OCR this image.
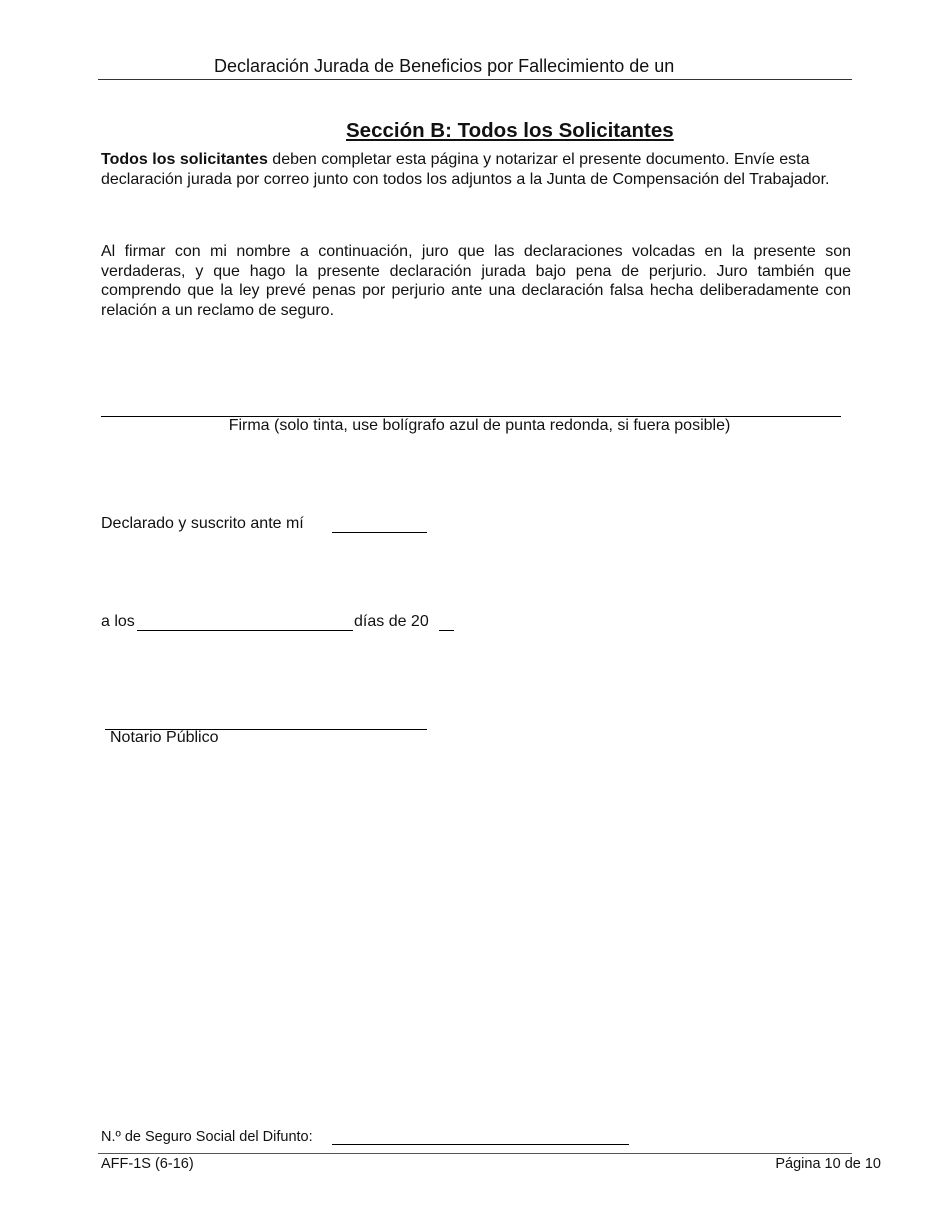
Declaración Jurada de Beneficios por Fallecimiento de un
Sección B: Todos los Solicitantes
Todos los solicitantes deben completar esta página y notarizar el presente documento. Envíe esta declaración jurada por correo junto con todos los adjuntos a la Junta de Compensación del Trabajador.
Al firmar con mi nombre a continuación, juro que las declaraciones volcadas en la presente son verdaderas, y que hago la presente declaración jurada bajo pena de perjurio. Juro también que comprendo que la ley prevé penas por perjurio ante una declaración falsa hecha deliberadamente con relación a un reclamo de seguro.
Firma (solo tinta, use bolígrafo azul de punta redonda, si fuera posible)
Declarado y suscrito ante mí
a los	días de 20
Notario Público
N.º de Seguro Social del Difunto:
AFF-1S (6-16)	Página 10 de 10
